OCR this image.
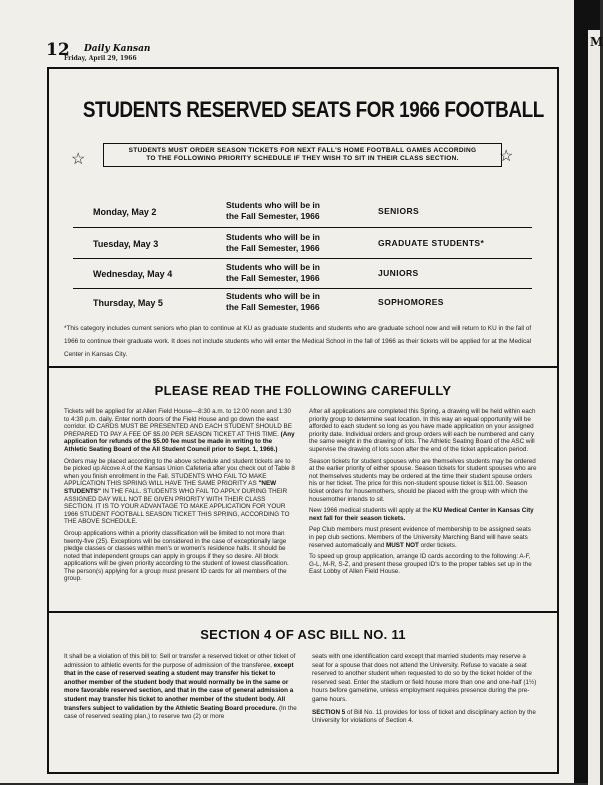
12 Daily Kansan
Friday, April 29, 1966
STUDENTS RESERVED SEATS FOR 1966 FOOTBALL
☆	☆
STUDENTS MUST ORDER SEASON TICKETS FOR NEXT FALL'S HOME FOOTBALL GAMES ACCORDING
TO THE FOLLOWING PRIORITY SCHEDULE IF THEY WISH TO SIT IN THEIR CLASS SECTION.
Monday, May 2
Students who will be in
the Fall Semester, 1966	SENIORS
Tuesday, May 3
Students who will be in
the Fall Semester, 1966	GRADUATE STUDENTS*
Wednesday, May 4
Students who will be in
the Fall Semester, 1966	JUNIORS
Thursday, May 5
Students who will be in
the Fall Semester, 1966	SOPHOMORES
*This category includes current seniors who plan to continue at KU as graduate students and students who are graduate school now and will return to KU in the fall of 1966 to continue their graduate work. It does not include students who will enter the Medical School in the fall of 1966 as their tickets will be applied for at the Medical Center in Kansas City.
PLEASE READ THE FOLLOWING CAREFULLY

Tickets will be applied for at Allen Field House—8:30 a.m. to 12:00 noon and 1:30 to 4:30 p.m. daily. Enter north doors of the Field House and go down the east corridor. ID CARDS MUST BE PRESENTED AND EACH STUDENT SHOULD BE PREPARED TO PAY A FEE OF $5.00 PER SEASON TICKET AT THIS TIME. (Any application for refunds of the $5.00 fee must be made in writing to the Athletic Seating Board of the All Student Council prior to Sept. 1, 1966.)

Orders may be placed according to the above schedule and student tickets are to be picked up Alcove A of the Kansas Union Cafeteria after you check out of Table 8 when you finish enrollment in the Fall. STUDENTS WHO FAIL TO MAKE APPLICATION THIS SPRING WILL HAVE THE SAME PRIORITY AS "NEW STUDENTS" IN THE FALL. STUDENTS WHO FAIL TO APPLY DURING THEIR ASSIGNED DAY WILL NOT BE GIVEN PRIORITY WITH THEIR CLASS SECTION. IT IS TO YOUR ADVANTAGE TO MAKE APPLICATION FOR YOUR 1966 STUDENT FOOTBALL SEASON TICKET THIS SPRING, ACCORDING TO THE ABOVE SCHEDULE.

Group applications within a priority classification will be limited to not more than twenty-five (25). Exceptions will be considered in the case of exceptionally large pledge classes or classes within men's or women's residence halls. It should be noted that independent groups can apply in groups if they so desire. All block applications will be given priority according to the student of lowest classification. The person(s) applying for a group must present ID cards for all members of the group.

After all applications are completed this Spring, a drawing will be held within each priority group to determine seat location. In this way an equal opportunity will be afforded to each student so long as you have made application on your assigned priority date. Individual orders and group orders will each be numbered and carry the same weight in the drawing of lots. The Athletic Seating Board of the ASC will supervise the drawing of lots soon after the end of the ticket application period.

Season tickets for student spouses who are themselves students may be ordered at the earlier priority of either spouse. Season tickets for student spouses who are not themselves students may be ordered at the time their student spouse orders his or her ticket. The price for this non-student spouse ticket is $11.00. Season ticket orders for housemothers, should be placed with the group with which the housemother intends to sit.

New 1966 medical students will apply at the KU Medical Center in Kansas City next fall for their season tickets.

Pep Club members must present evidence of membership to be assigned seats in pep club sections. Members of the University Marching Band will have seats reserved automatically and MUST NOT order tickets.

To speed up group application, arrange ID cards according to the following: A-F, G-L, M-R, S-Z, and present these grouped ID's to the proper tables set up in the East Lobby of Allen Field House.

SECTION 4 OF ASC BILL NO. 11

It shall be a violation of this bill to: Sell or transfer a reserved ticket or other ticket of admission to athletic events for the purpose of admission of the transferee, except that in the case of reserved seating a student may transfer his ticket to another member of the student body that would normally be in the same or more favorable reserved section, and that in the case of general admission a student may transfer his ticket to another member of the student body. All transfers subject to validation by the Athletic Seating Board procedure. (In the case of reserved seating plan,) to reserve two (2) or more

seats with one identification card except that married students may reserve a seat for a spouse that does not attend the University. Refuse to vacate a seat reserved to another student when requested to do so by the ticket holder of the reserved seat. Enter the stadium or field house more than one and one-half (1½) hours before gametime, unless employment requires presence during the pre-game hours.

SECTION 5 of Bill No. 11 provides for loss of ticket and disciplinary action by the University for violations of Section 4.

M
